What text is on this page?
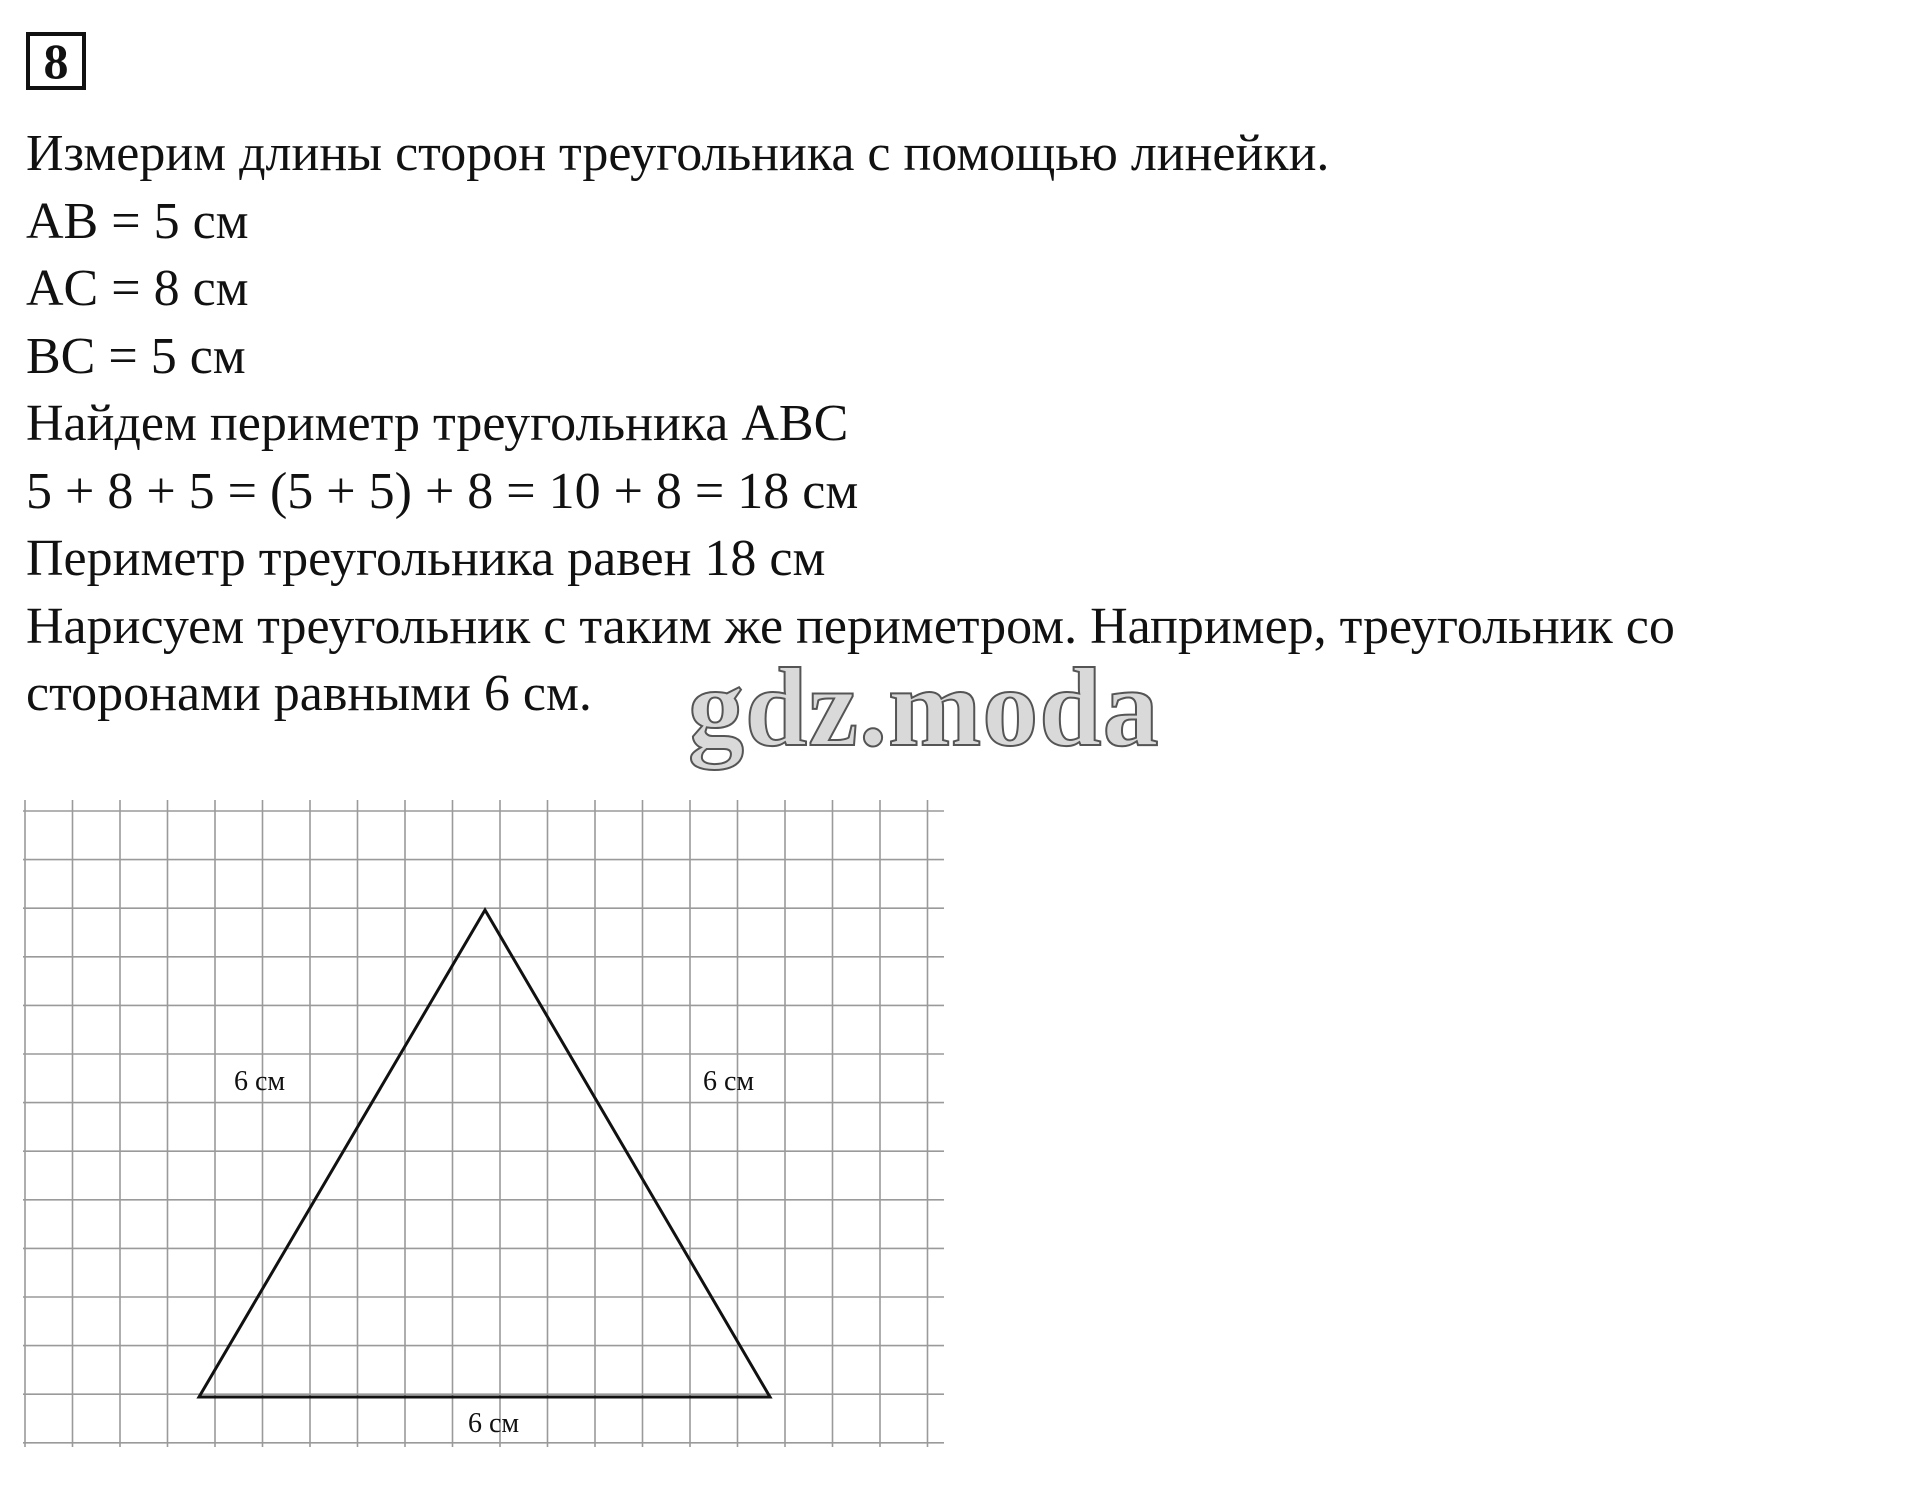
8
Измерим длины сторон треугольника с помощью линейки.
AB = 5 см
AC = 8 см
BC = 5 см
Найдем периметр треугольника АВС
5 + 8 + 5 = (5 + 5) + 8 = 10 + 8 = 18 см
Периметр треугольника равен 18 см
Нарисуем треугольник с таким же периметром. Например, треугольник со
сторонами равными 6 см.
6 см	6 см
6 см
gdz.moda
